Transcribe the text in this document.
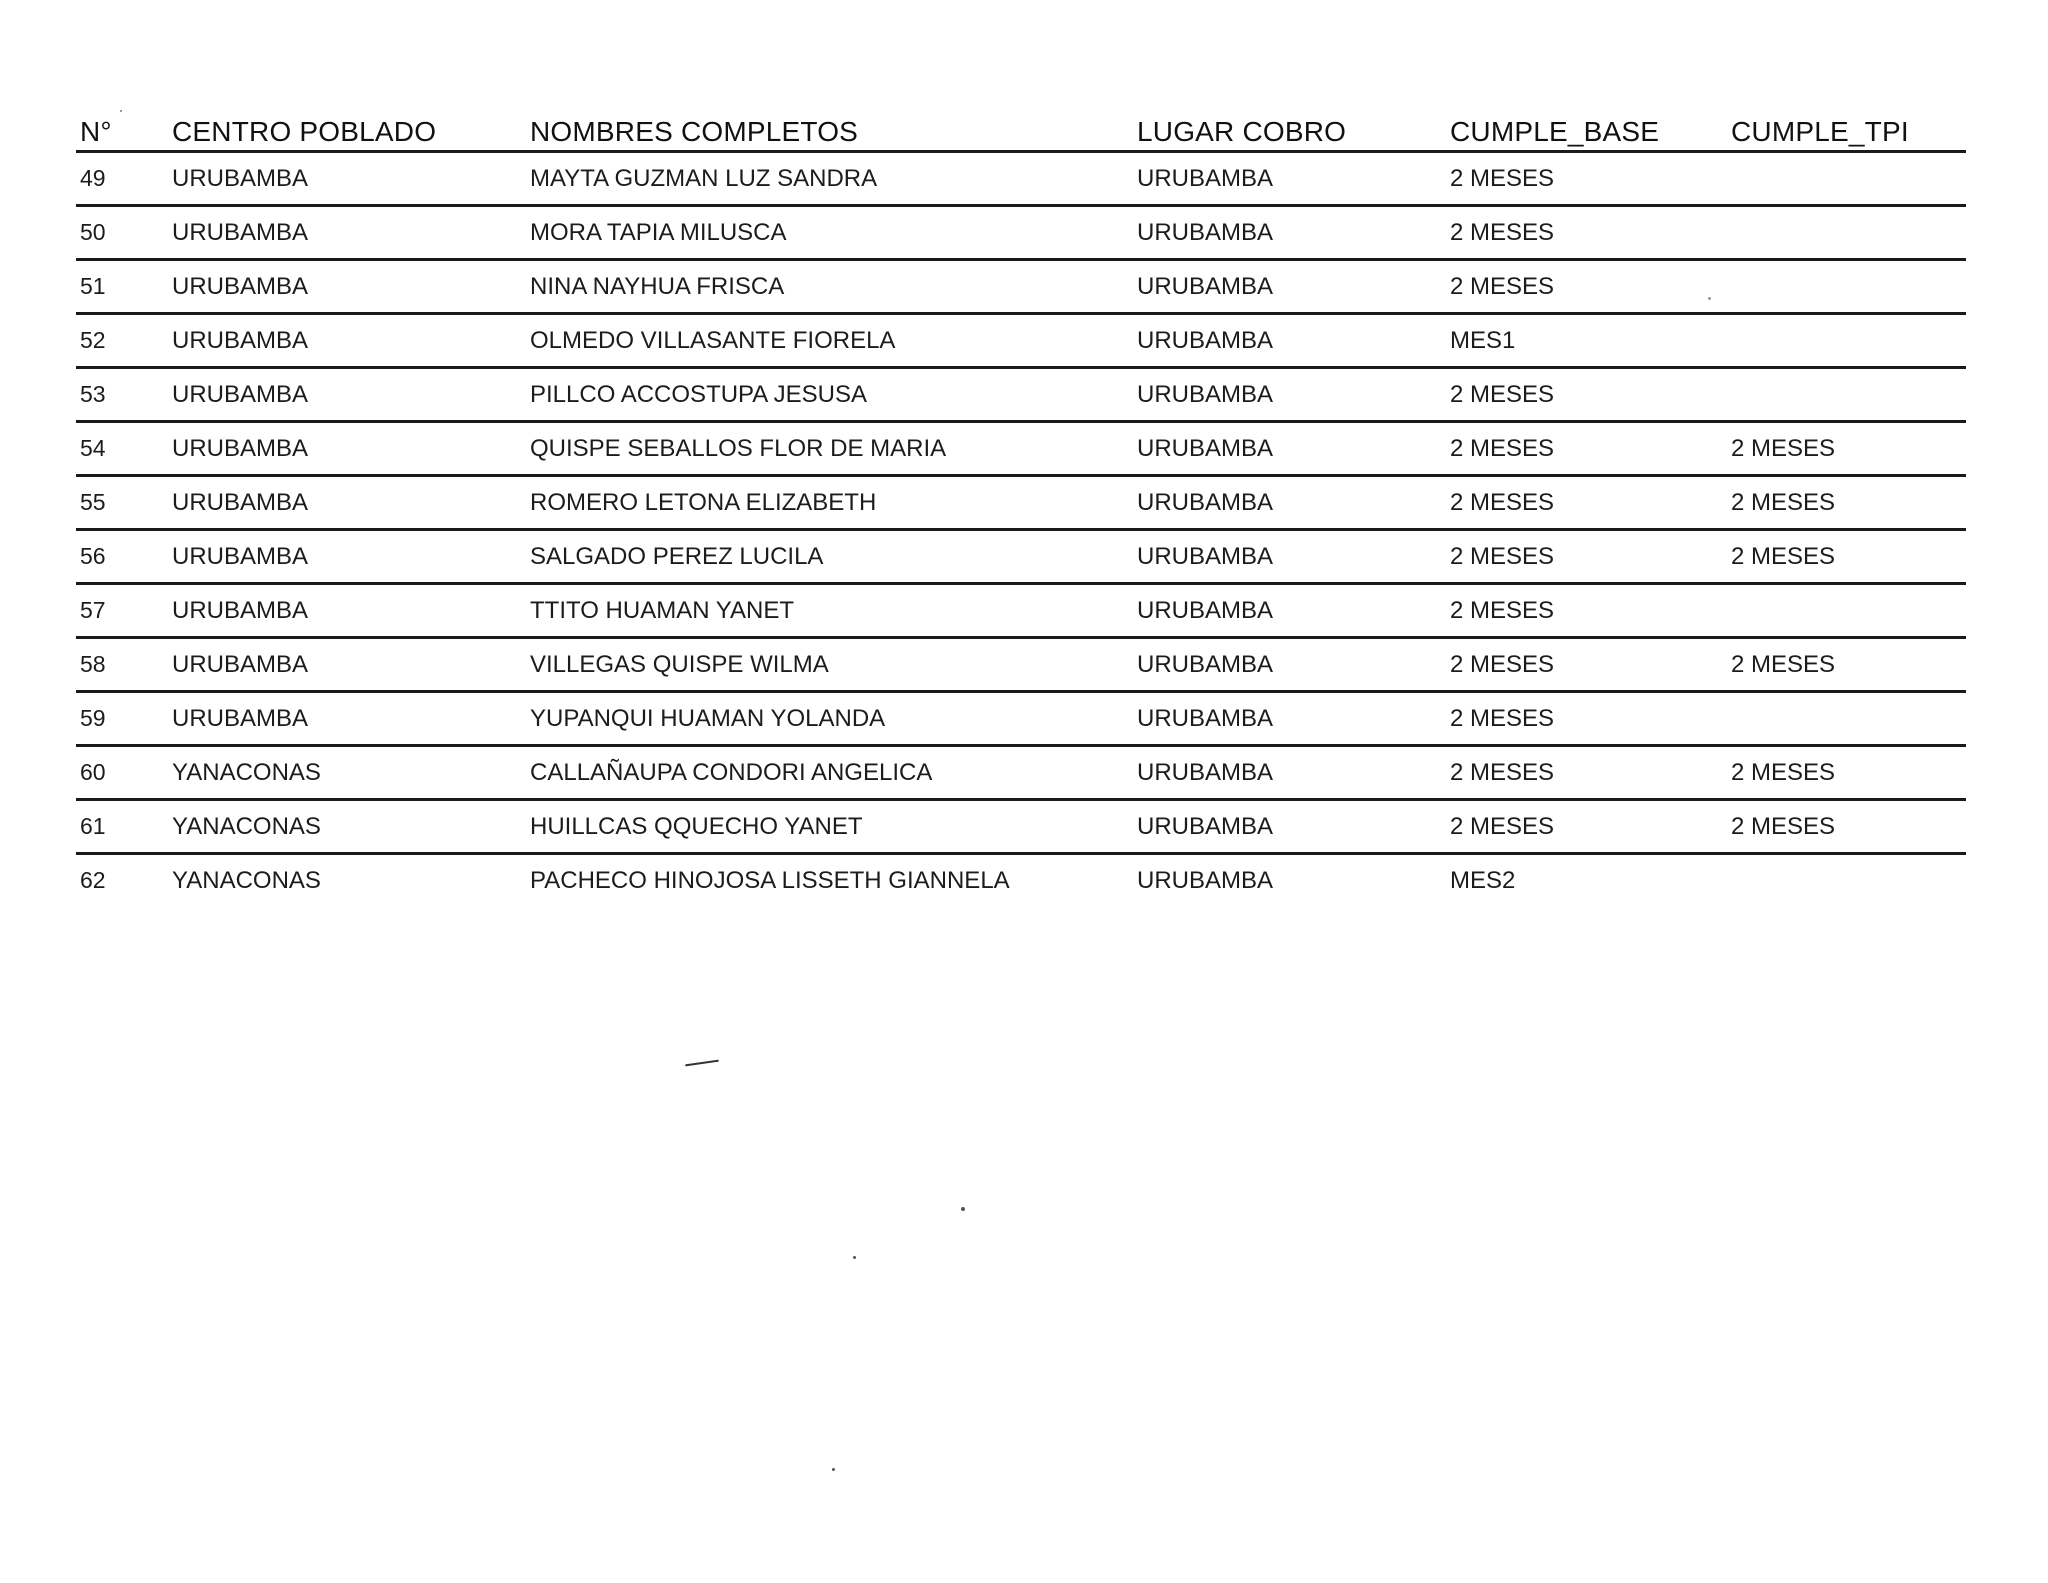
N°	CENTRO POBLADO	NOMBRES COMPLETOS	LUGAR COBRO	CUMPLE_BASE	CUMPLE_TPI
49	URUBAMBA	MAYTA GUZMAN LUZ SANDRA	URUBAMBA	2 MESES	
50	URUBAMBA	MORA TAPIA MILUSCA	URUBAMBA	2 MESES	
51	URUBAMBA	NINA NAYHUA FRISCA	URUBAMBA	2 MESES	
52	URUBAMBA	OLMEDO VILLASANTE FIORELA	URUBAMBA	MES1	
53	URUBAMBA	PILLCO ACCOSTUPA JESUSA	URUBAMBA	2 MESES	
54	URUBAMBA	QUISPE SEBALLOS FLOR DE MARIA	URUBAMBA	2 MESES	2 MESES
55	URUBAMBA	ROMERO LETONA ELIZABETH	URUBAMBA	2 MESES	2 MESES
56	URUBAMBA	SALGADO PEREZ LUCILA	URUBAMBA	2 MESES	2 MESES
57	URUBAMBA	TTITO HUAMAN YANET	URUBAMBA	2 MESES	
58	URUBAMBA	VILLEGAS QUISPE WILMA	URUBAMBA	2 MESES	2 MESES
59	URUBAMBA	YUPANQUI HUAMAN YOLANDA	URUBAMBA	2 MESES	
60	YANACONAS	CALLAÑAUPA CONDORI ANGELICA	URUBAMBA	2 MESES	2 MESES
61	YANACONAS	HUILLCAS QQUECHO YANET	URUBAMBA	2 MESES	2 MESES
62	YANACONAS	PACHECO HINOJOSA LISSETH GIANNELA	URUBAMBA	MES2	
